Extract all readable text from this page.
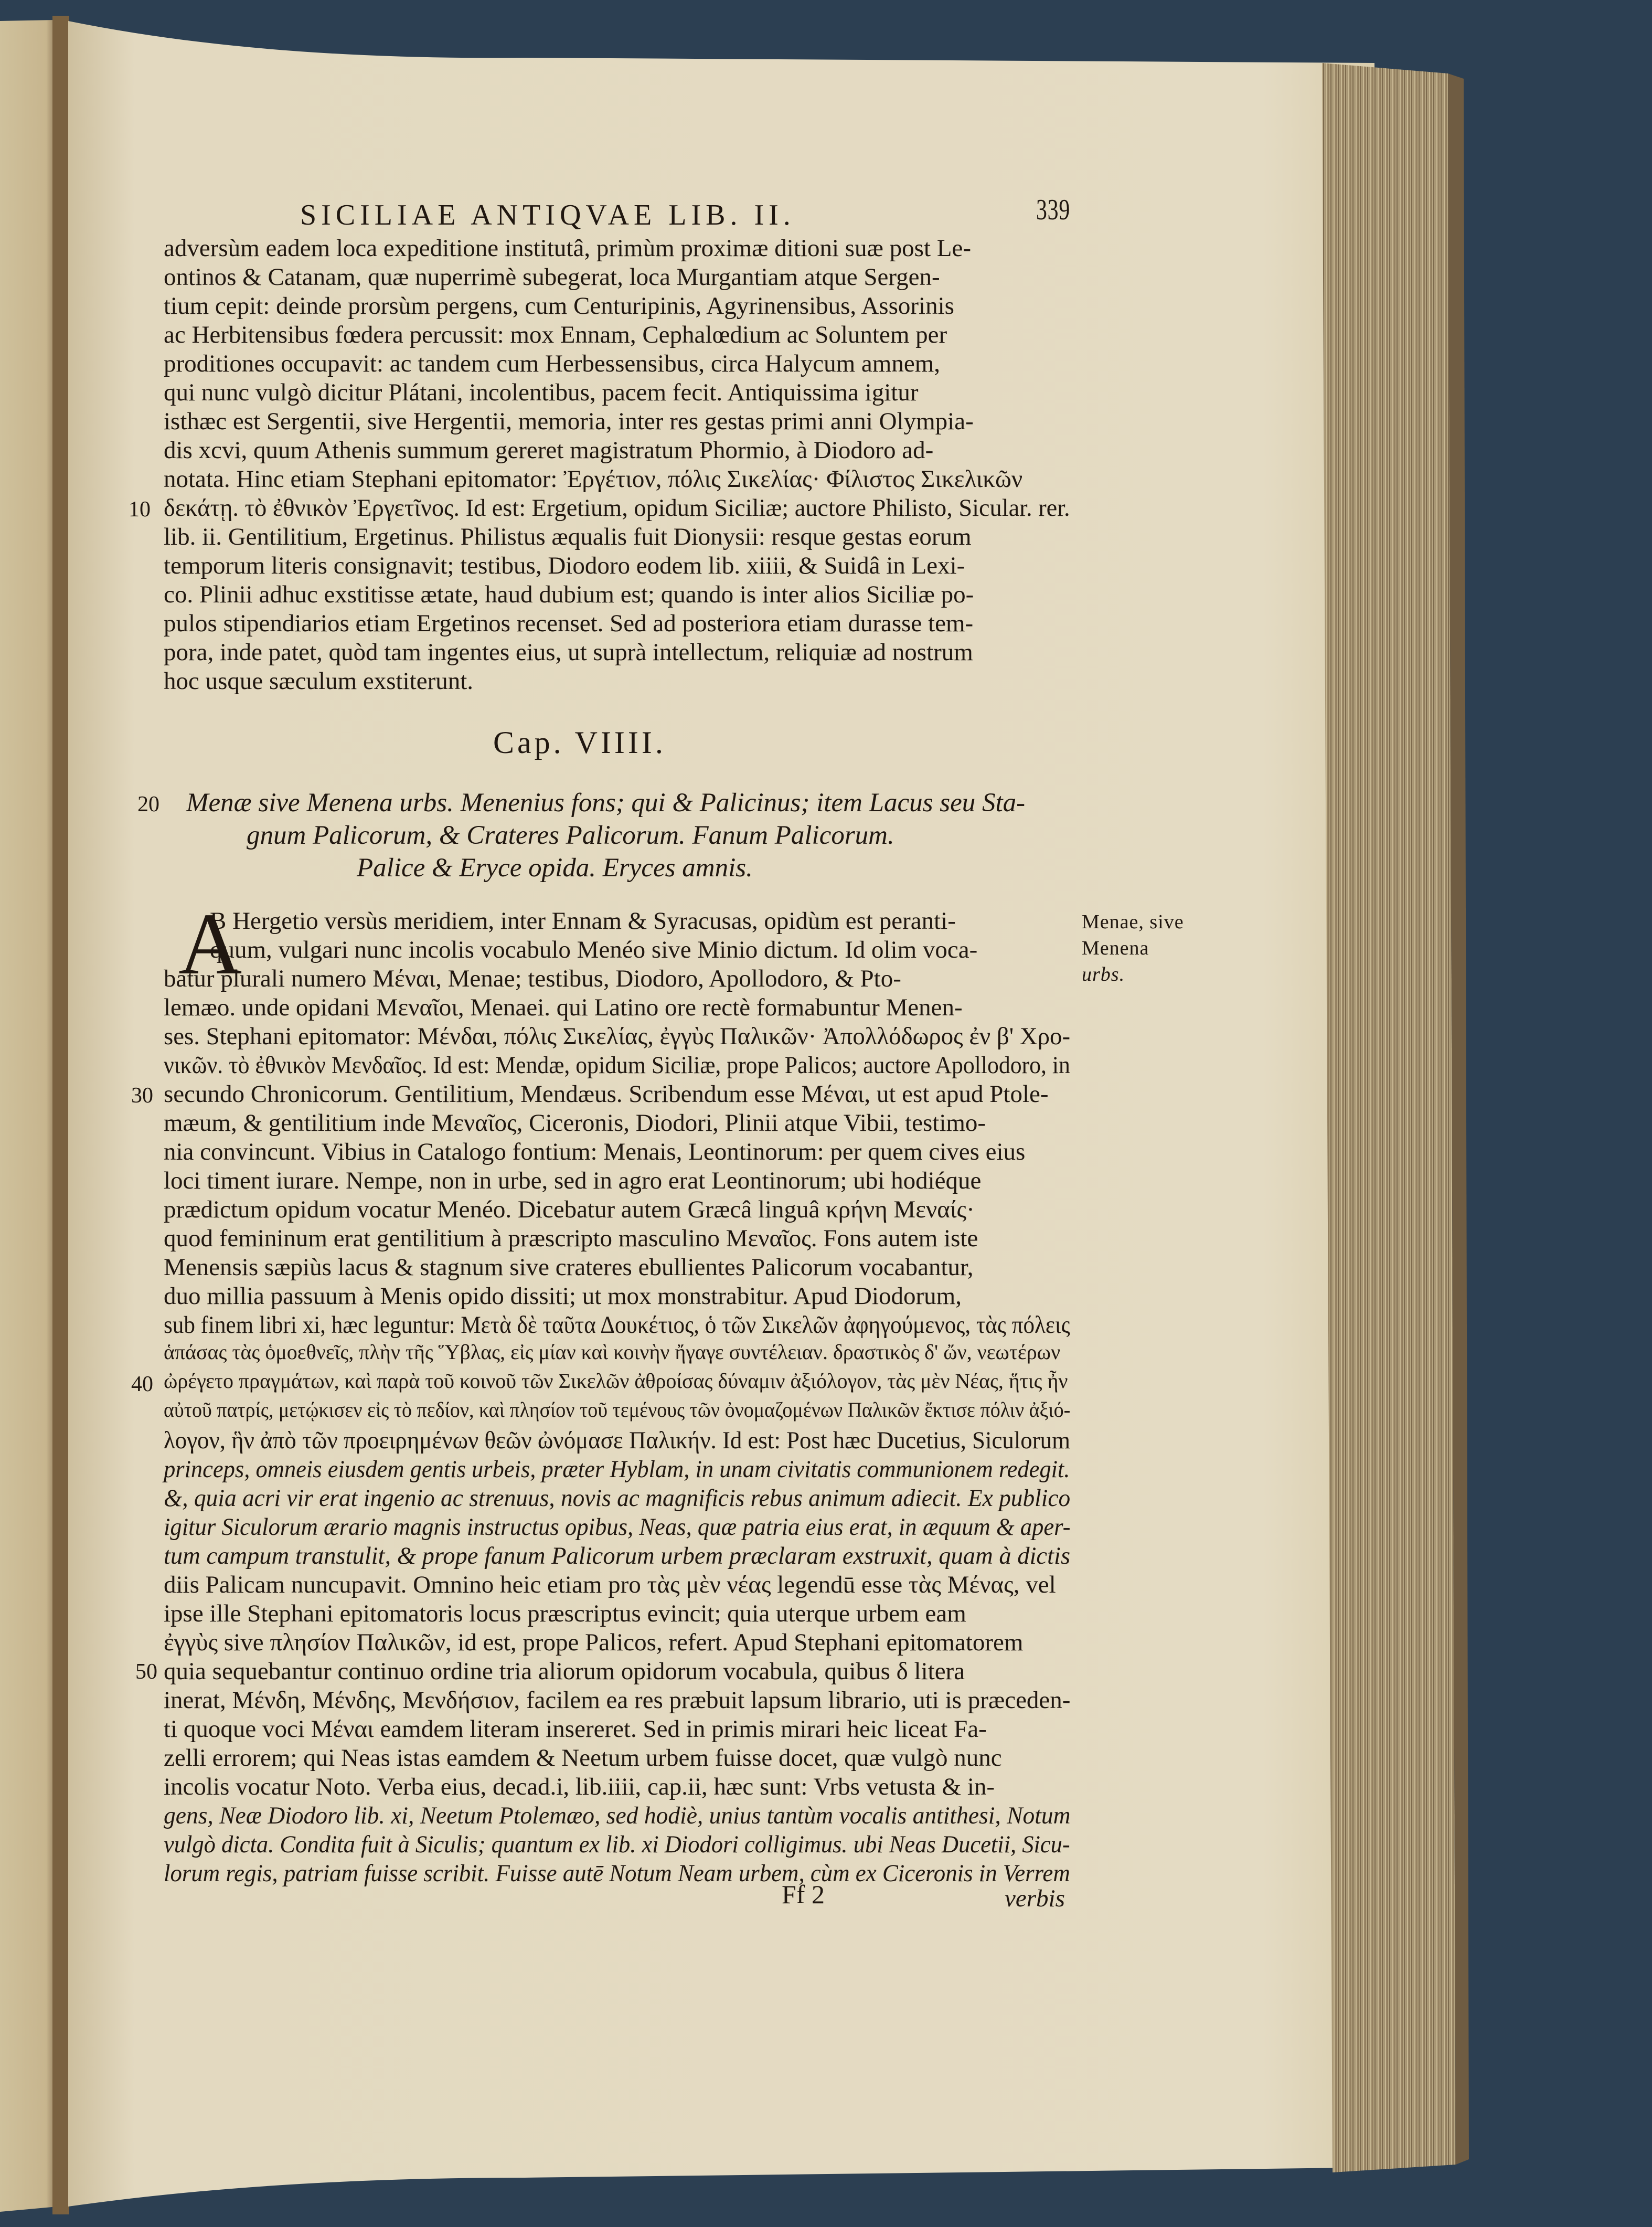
SICILIAE ANTIQVAE LIB. II.	339
adversùm eadem loca expeditione institutâ, primùm proximæ ditioni suæ post Le-
ontinos & Catanam, quæ nuperrimè subegerat, loca Murgantiam atque Sergen-
tium cepit: deinde prorsùm pergens, cum Centuripinis, Agyrinensibus, Assorinis
ac Herbitensibus fœdera percussit: mox Ennam, Cephalœdium ac Soluntem per
proditiones occupavit: ac tandem cum Herbessensibus, circa Halycum amnem,
qui nunc vulgò dicitur Plátani, incolentibus, pacem fecit. Antiquissima igitur
isthæc est Sergentii, sive Hergentii, memoria, inter res gestas primi anni Olympia-
dis xcvi, quum Athenis summum gereret magistratum Phormio, à Diodoro ad-
notata. Hinc etiam Stephani epitomator: Ἐργέτιον, πόλις Σικελίας· Φίλιστος Σικελικῶν
δεκάτῃ. τὸ ἐθνικὸν Ἐργετῖνος. Id est: Ergetium, opidum Siciliæ; auctore Philisto, Sicular. rer.
lib. ii. Gentilitium, Ergetinus. Philistus æqualis fuit Dionysii: resque gestas eorum
temporum literis consignavit; testibus, Diodoro eodem lib. xiiii, & Suidâ in Lexi-
co. Plinii adhuc exstitisse ætate, haud dubium est; quando is inter alios Siciliæ po-
pulos stipendiarios etiam Ergetinos recenset. Sed ad posteriora etiam durasse tem-
pora, inde patet, quòd tam ingentes eius, ut suprà intellectum, reliquiæ ad nostrum
hoc usque sæculum exstiterunt.
10
20
30
40
50
Cap. VIIII.
Menæ sive Menena urbs. Menenius fons; qui & Palicinus; item Lacus seu Sta-
gnum Palicorum, & Crateres Palicorum. Fanum Palicorum.
Palice & Eryce opida. Eryces amnis.
A	Menae, sive
Menena
urbs.
B Hergetio versùs meridiem, inter Ennam & Syracusas, opidùm est peranti-
quum, vulgari nunc incolis vocabulo Menéo sive Minio dictum. Id olim voca-
batur plurali numero Μέναι, Menae; testibus, Diodoro, Apollodoro, & Pto-
lemæo. unde opidani Μεναῖοι, Menaei. qui Latino ore rectè formabuntur Menen-
ses. Stephani epitomator: Μένδαι, πόλις Σικελίας, ἐγγὺς Παλικῶν· Ἀπολλόδωρος ἐν β' Χρο-
νικῶν. τὸ ἐθνικὸν Μενδαῖος. Id est: Mendæ, opidum Siciliæ, prope Palicos; auctore Apollodoro, in
secundo Chronicorum. Gentilitium, Mendæus. Scribendum esse Μέναι, ut est apud Ptole-
mæum, & gentilitium inde Μεναῖος, Ciceronis, Diodori, Plinii atque Vibii, testimo-
nia convincunt. Vibius in Catalogo fontium: Menais, Leontinorum: per quem cives eius
loci timent iurare. Nempe, non in urbe, sed in agro erat Leontinorum; ubi hodiéque
prædictum opidum vocatur Menéo. Dicebatur autem Græcâ linguâ κρήνη Μεναίς·
quod femininum erat gentilitium à præscripto masculino Μεναῖος. Fons autem iste
Menensis sæpiùs lacus & stagnum sive crateres ebullientes Palicorum vocabantur,
duo millia passuum à Menis opido dissiti; ut mox monstrabitur. Apud Diodorum,
sub finem libri xi, hæc leguntur: Μετὰ δὲ ταῦτα Δουκέτιος, ὁ τῶν Σικελῶν ἀφηγούμενος, τὰς πόλεις
ἁπάσας τὰς ὁμοεθνεῖς, πλὴν τῆς Ὕβλας, εἰς μίαν καὶ κοινὴν ἤγαγε συντέλειαν. δραστικὸς δ' ὤν, νεωτέρων
ὠρέγετο πραγμάτων, καὶ παρὰ τοῦ κοινοῦ τῶν Σικελῶν ἀθροίσας δύναμιν ἀξιόλογον, τὰς μὲν Νέας, ἥτις ἦν
αὐτοῦ πατρίς, μετῴκισεν εἰς τὸ πεδίον, καὶ πλησίον τοῦ τεμένους τῶν ὀνομαζομένων Παλικῶν ἔκτισε πόλιν ἀξιό-
λογον, ἣν ἀπὸ τῶν προειρημένων θεῶν ὠνόμασε Παλικήν. Id est: Post hæc Ducetius, Siculorum
princeps, omneis eiusdem gentis urbeis, præter Hyblam, in unam civitatis communionem redegit.
&, quia acri vir erat ingenio ac strenuus, novis ac magnificis rebus animum adiecit. Ex publico
igitur Siculorum ærario magnis instructus opibus, Neas, quæ patria eius erat, in æquum & aper-
tum campum transtulit, & prope fanum Palicorum urbem præclaram exstruxit, quam à dictis
diis Palicam nuncupavit. Omnino heic etiam pro τὰς μὲν νέας legendū esse τὰς Μένας, vel
ipse ille Stephani epitomatoris locus præscriptus evincit; quia uterque urbem eam
ἐγγὺς sive πλησίον Παλικῶν, id est, prope Palicos, refert. Apud Stephani epitomatorem
quia sequebantur continuo ordine tria aliorum opidorum vocabula, quibus δ litera
inerat, Μένδη, Μένδης, Μενδήσιον, facilem ea res præbuit lapsum librario, uti is præceden-
ti quoque voci Μέναι eamdem literam insereret. Sed in primis mirari heic liceat Fa-
zelli errorem; qui Neas istas eamdem & Neetum urbem fuisse docet, quæ vulgò nunc
incolis vocatur Noto. Verba eius, decad.i, lib.iiii, cap.ii, hæc sunt: Vrbs vetusta & in-
gens, Neæ Diodoro lib. xi, Neetum Ptolemæo, sed hodiè, unius tantùm vocalis antithesi, Notum
vulgò dicta. Condita fuit à Siculis; quantum ex lib. xi Diodori colligimus. ubi Neas Ducetii, Sicu-
lorum regis, patriam fuisse scribit. Fuisse autē Notum Neam urbem, cùm ex Ciceronis in Verrem
Ff 2	verbis
